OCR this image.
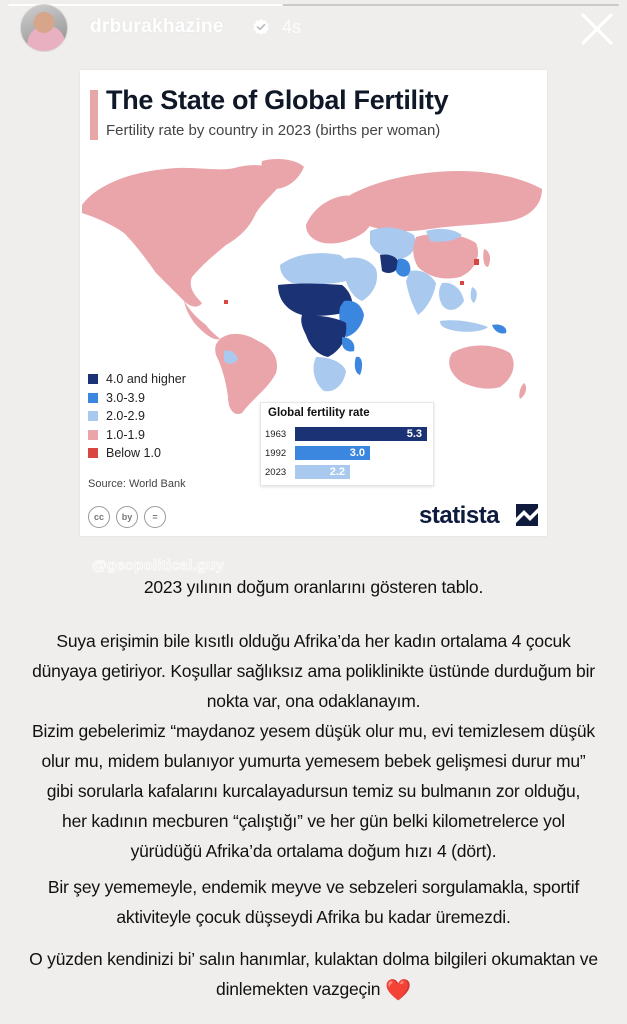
drburakhazine	4s
The State of Global Fertility
Fertility rate by country in 2023 (births per woman)
4.0 and higher
3.0-3.9
2.0-2.9
1.0-1.9
Below 1.0
Global fertility rate
1963	5.3
1992	3.0
2023	2.2
Source: World Bank
cc	by	=	statista
@geopolitical.guy
2023 yılının doğum oranlarını gösteren tablo.
Suya erişimin bile kısıtlı olduğu Afrika’da her kadın ortalama 4 çocuk
dünyaya getiriyor. Koşullar sağlıksız ama poliklinikte üstünde durduğum bir
nokta var, ona odaklanayım.
Bizim gebelerimiz “maydanoz yesem düşük olur mu, evi temizlesem düşük
olur mu, midem bulanıyor yumurta yemesem bebek gelişmesi durur mu”
gibi sorularla kafalarını kurcalayadursun temiz su bulmanın zor olduğu,
her kadının mecburen “çalıştığı” ve her gün belki kilometrelerce yol
yürüdüğü Afrika’da ortalama doğum hızı 4 (dört).
Bir şey yememeyle, endemik meyve ve sebzeleri sorgulamakla, sportif
aktiviteyle çocuk düşseydi Afrika bu kadar üremezdi.
O yüzden kendinizi bi’ salın hanımlar, kulaktan dolma bilgileri okumaktan ve
dinlemekten vazgeçin ❤️
